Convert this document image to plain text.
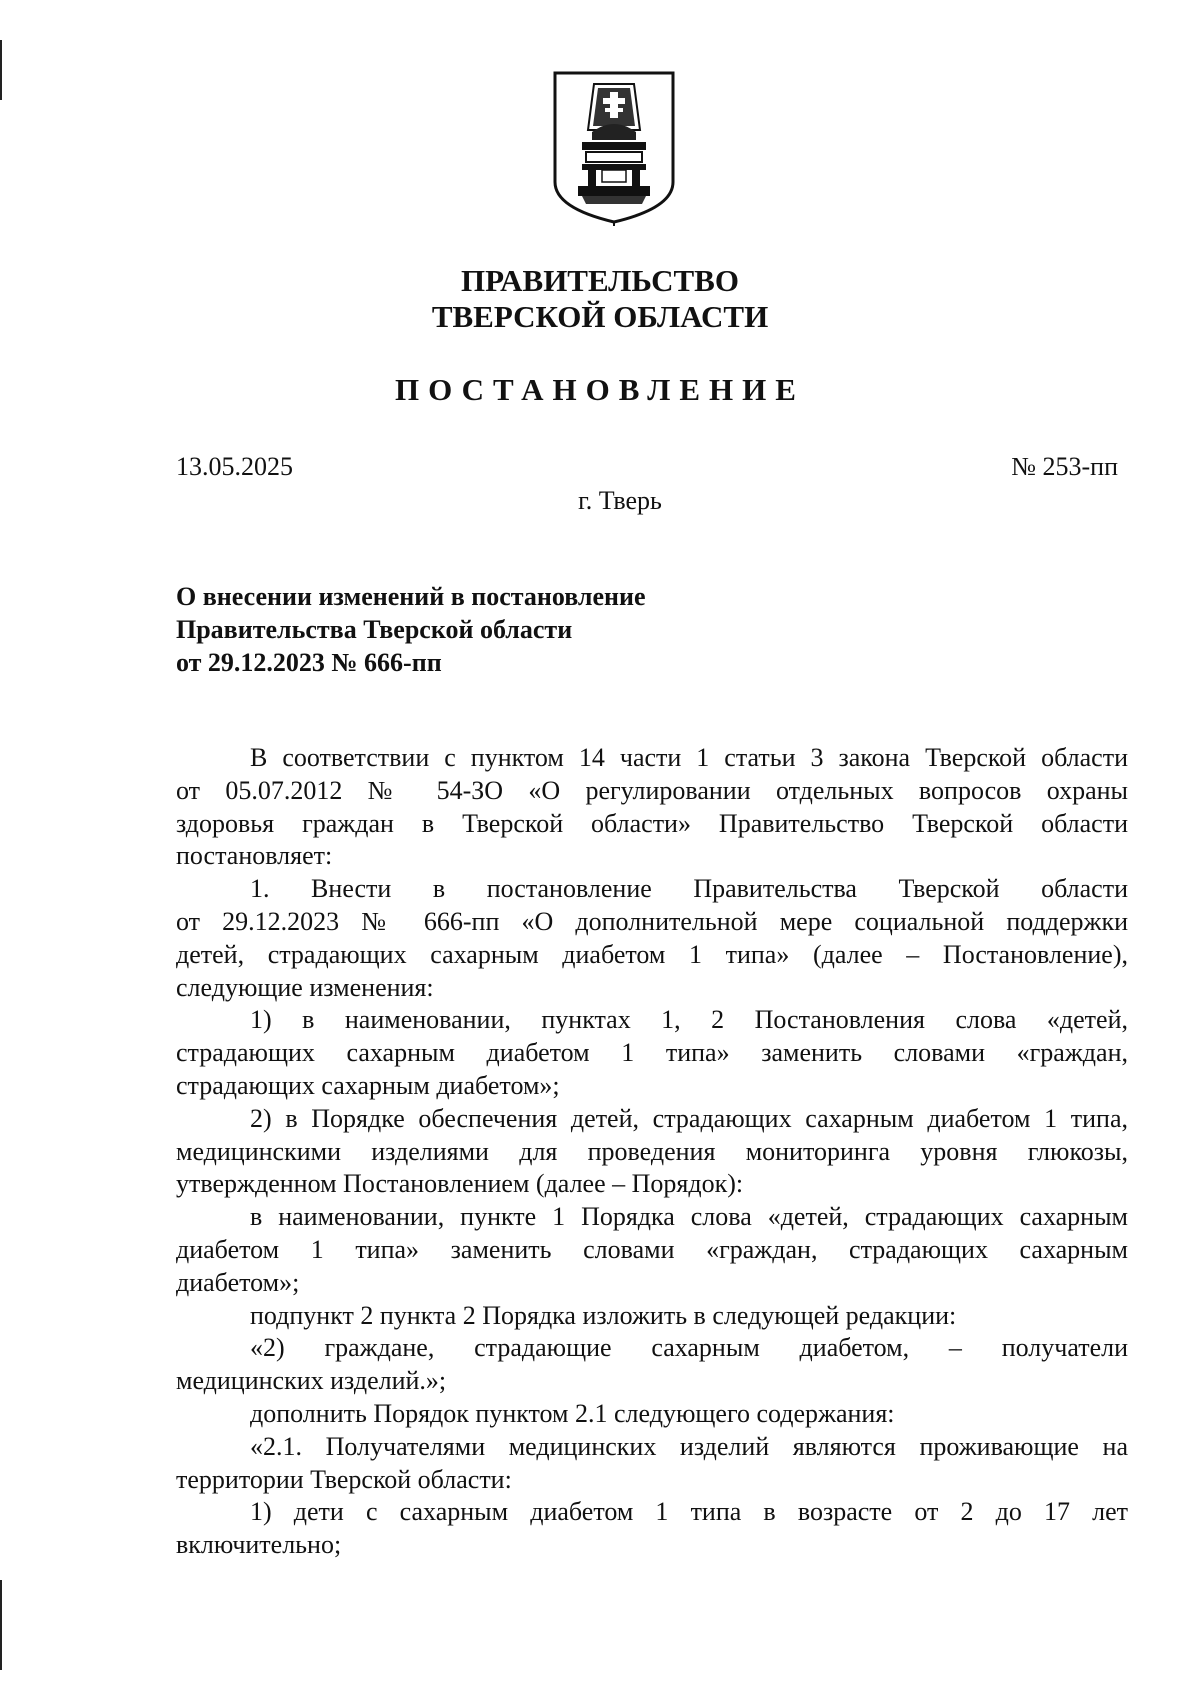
ПРАВИТЕЛЬСТВО
ТВЕРСКОЙ ОБЛАСТИ
ПОСТАНОВЛЕНИЕ
13.05.2025	№ 253-пп
г. Тверь
О внесении изменений в постановление
Правительства Тверской области
от 29.12.2023 № 666-пп

В соответствии с пунктом 14 части 1 статьи 3 закона Тверской области

от 05.07.2012 № 54-ЗО «О регулировании отдельных вопросов охраны

здоровья граждан в Тверской области» Правительство Тверской области

постановляет:

1. Внести в постановление Правительства Тверской области

от 29.12.2023 № 666-пп «О дополнительной мере социальной поддержки

детей, страдающих сахарным диабетом 1 типа» (далее – Постановление),

следующие изменения:

1) в наименовании, пунктах 1, 2 Постановления слова «детей,

страдающих сахарным диабетом 1 типа» заменить словами «граждан,

страдающих сахарным диабетом»;

2) в Порядке обеспечения детей, страдающих сахарным диабетом 1 типа,

медицинскими изделиями для проведения мониторинга уровня глюкозы,

утвержденном Постановлением (далее – Порядок):

в наименовании, пункте 1 Порядка слова «детей, страдающих сахарным

диабетом 1 типа» заменить словами «граждан, страдающих сахарным

диабетом»;

подпункт 2 пункта 2 Порядка изложить в следующей редакции:

«2) граждане, страдающие сахарным диабетом, – получатели

медицинских изделий.»;

дополнить Порядок пунктом 2.1 следующего содержания:

«2.1. Получателями медицинских изделий являются проживающие на

территории Тверской области:

1) дети с сахарным диабетом 1 типа в возрасте от 2 до 17 лет

включительно;
